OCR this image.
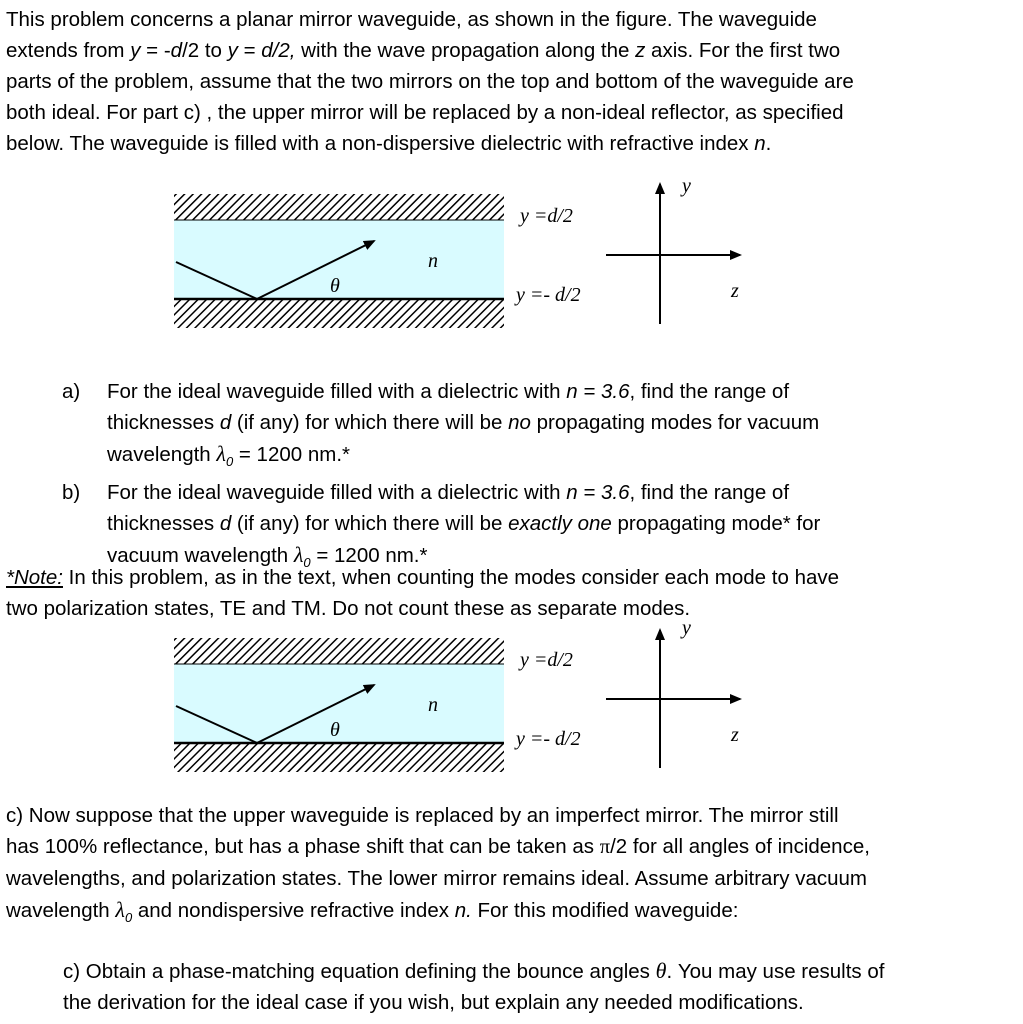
This problem concerns a planar mirror waveguide, as shown in the figure. The waveguide
extends from y = -d/2 to y = d/2, with the wave propagation along the z axis. For the first two
parts of the problem, assume that the two mirrors on the top and bottom of the waveguide are
both ideal. For part c) , the upper mirror will be replaced by a non-ideal reflector, as specified
below. The waveguide is filled with a non-dispersive dielectric with refractive index n.
θ
n
y =d/2
y =- d/2
y
z
a) For the ideal waveguide filled with a dielectric with n = 3.6, find the range of
thicknesses d (if any) for which there will be no propagating modes for vacuum
wavelength $\lambda_0 = 1200$ nm.*
b) For the ideal waveguide filled with a dielectric with n = 3.6, find the range of
thicknesses d (if any) for which there will be exactly one propagating mode* for
vacuum wavelength $\lambda_0 = 1200$ nm.*
*Note: In this problem, as in the text, when counting the modes consider each mode to have
two polarization states, TE and TM. Do not count these as separate modes.
θ
n
y =d/2
y =- d/2
y
z
c) Now suppose that the upper waveguide is replaced by an imperfect mirror. The mirror still
has 100% reflectance, but has a phase shift that can be taken as π/2 for all angles of incidence,
wavelengths, and polarization states. The lower mirror remains ideal. Assume arbitrary vacuum
wavelength $\lambda_0$ and nondispersive refractive index n. For this modified waveguide:
c) Obtain a phase-matching equation defining the bounce angles θ. You may use results of
the derivation for the ideal case if you wish, but explain any needed modifications.
